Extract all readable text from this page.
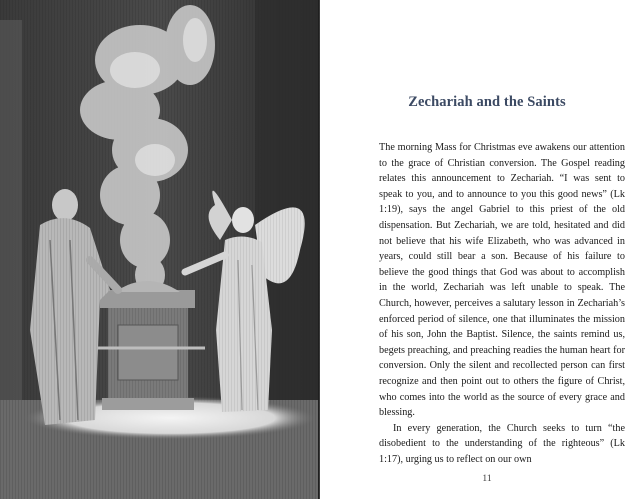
Zechariah and the Saints

The morning Mass for Christmas eve awakens our attention to the grace of Christian conversion. The Gospel reading relates this announcement to Zechariah. “I was sent to speak to you, and to announce to you this good news” (Lk 1:19), says the angel Gabriel to this priest of the old dispensation. But Zechariah, we are told, hesitated and did not believe that his wife Elizabeth, who was advanced in years, could still bear a son. Because of his failure to believe the good things that God was about to accomplish in the world, Zechariah was left unable to speak. The Church, however, perceives a salutary lesson in Zechariah’s enforced period of silence, one that illuminates the mission of his son, John the Baptist. Silence, the saints remind us, begets preaching, and preaching readies the human heart for conversion. Only the silent and recollected person can first recognize and then point out to others the figure of Christ, who comes into the world as the source of every grace and blessing.

In every generation, the Church seeks to turn “the disobedient to the understanding of the righteous” (Lk 1:17), urging us to reflect on our own

11
